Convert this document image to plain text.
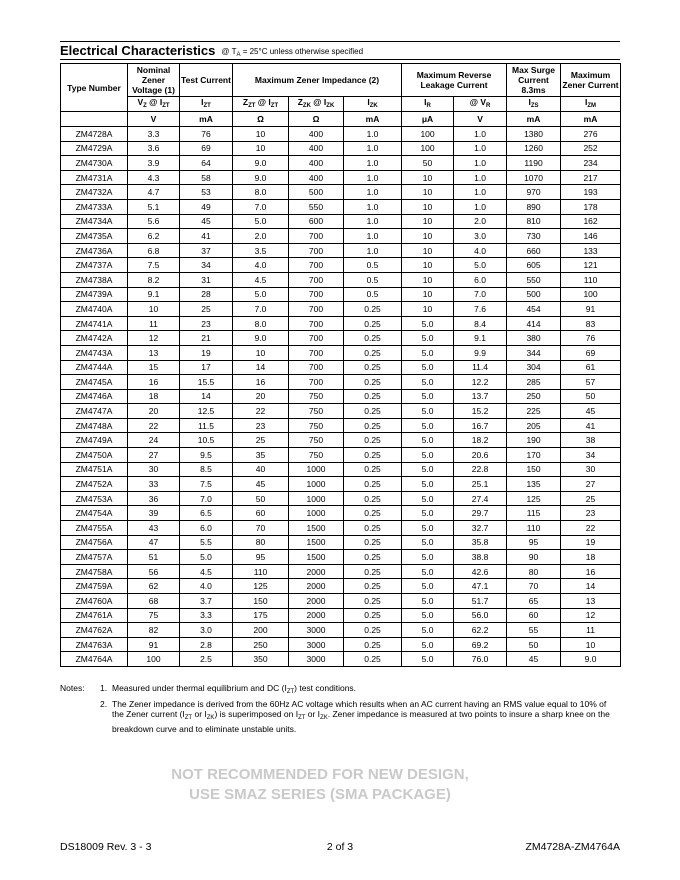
Electrical Characteristics @ $T_A = 25^\circ C$ unless otherwise specified
Type Number	Nominal Zener Voltage (1)	Test Current	Maximum Zener Impedance (2)			Maximum Reverse Leakage Current		Max Surge Current 8.3ms	Maximum Zener Current
	$V_Z$ @ $I_{ZT}$	$I_{ZT}$	$Z_{ZT}$ @ $I_{ZT}$	$Z_{ZK}$ @ $I_{ZK}$	$I_{ZK}$	$I_R$	@ $V_R$	$I_{ZS}$	$I_{ZM}$
	V	mA	Ω	Ω	mA	μA	V	mA	mA
ZM4728A	3.3	76	10	400	1.0	100	1.0	1380	276
ZM4729A	3.6	69	10	400	1.0	100	1.0	1260	252
ZM4730A	3.9	64	9.0	400	1.0	50	1.0	1190	234
ZM4731A	4.3	58	9.0	400	1.0	10	1.0	1070	217
ZM4732A	4.7	53	8.0	500	1.0	10	1.0	970	193
ZM4733A	5.1	49	7.0	550	1.0	10	1.0	890	178
ZM4734A	5.6	45	5.0	600	1.0	10	2.0	810	162
ZM4735A	6.2	41	2.0	700	1.0	10	3.0	730	146
ZM4736A	6.8	37	3.5	700	1.0	10	4.0	660	133
ZM4737A	7.5	34	4.0	700	0.5	10	5.0	605	121
ZM4738A	8.2	31	4.5	700	0.5	10	6.0	550	110
ZM4739A	9.1	28	5.0	700	0.5	10	7.0	500	100
ZM4740A	10	25	7.0	700	0.25	10	7.6	454	91
ZM4741A	11	23	8.0	700	0.25	5.0	8.4	414	83
ZM4742A	12	21	9.0	700	0.25	5.0	9.1	380	76
ZM4743A	13	19	10	700	0.25	5.0	9.9	344	69
ZM4744A	15	17	14	700	0.25	5.0	11.4	304	61
ZM4745A	16	15.5	16	700	0.25	5.0	12.2	285	57
ZM4746A	18	14	20	750	0.25	5.0	13.7	250	50
ZM4747A	20	12.5	22	750	0.25	5.0	15.2	225	45
ZM4748A	22	11.5	23	750	0.25	5.0	16.7	205	41
ZM4749A	24	10.5	25	750	0.25	5.0	18.2	190	38
ZM4750A	27	9.5	35	750	0.25	5.0	20.6	170	34
ZM4751A	30	8.5	40	1000	0.25	5.0	22.8	150	30
ZM4752A	33	7.5	45	1000	0.25	5.0	25.1	135	27
ZM4753A	36	7.0	50	1000	0.25	5.0	27.4	125	25
ZM4754A	39	6.5	60	1000	0.25	5.0	29.7	115	23
ZM4755A	43	6.0	70	1500	0.25	5.0	32.7	110	22
ZM4756A	47	5.5	80	1500	0.25	5.0	35.8	95	19
ZM4757A	51	5.0	95	1500	0.25	5.0	38.8	90	18
ZM4758A	56	4.5	110	2000	0.25	5.0	42.6	80	16
ZM4759A	62	4.0	125	2000	0.25	5.0	47.1	70	14
ZM4760A	68	3.7	150	2000	0.25	5.0	51.7	65	13
ZM4761A	75	3.3	175	2000	0.25	5.0	56.0	60	12
ZM4762A	82	3.0	200	3000	0.25	5.0	62.2	55	11
ZM4763A	91	2.8	250	3000	0.25	5.0	69.2	50	10
ZM4764A	100	2.5	350	3000	0.25	5.0	76.0	45	9.0
Notes:	1. Measured under thermal equilibrium and DC $(I_{ZT})$ test conditions.
2. The Zener impedance is derived from the 60Hz AC voltage which results when an AC current having an RMS value equal to 10% of the Zener current ($I_{ZT}$ or $I_{ZK}$) is superimposed on $I_{ZT}$ or $I_{ZK}$. Zener impedance is measured at two points to insure a sharp knee on the breakdown curve and to eliminate unstable units.
NOT RECOMMENDED FOR NEW DESIGN,
USE SMAZ SERIES (SMA PACKAGE)
DS18009 Rev. 3 - 3	2 of 3	ZM4728A-ZM4764A
